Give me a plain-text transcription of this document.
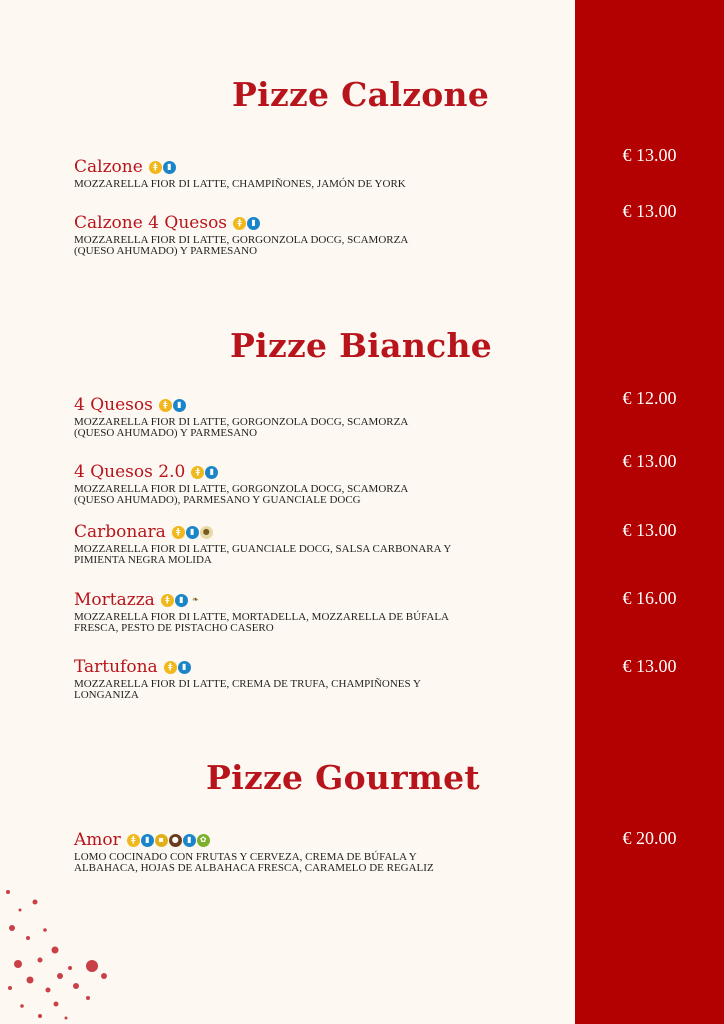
Pizze Calzone
Calzone	ǂ	▮
MOZZARELLA FIOR DI LATTE, CHAMPIÑONES, JAMÓN DE YORK
€ 13.00
Calzone 4 Quesos	ǂ	▮
MOZZARELLA FIOR DI LATTE, GORGONZOLA DOCG, SCAMORZA
(QUESO AHUMADO) Y PARMESANO
€ 13.00
Pizze Bianche
4 Quesos	ǂ	▮
MOZZARELLA FIOR DI LATTE, GORGONZOLA DOCG, SCAMORZA
(QUESO AHUMADO) Y PARMESANO
€ 12.00
4 Quesos 2.0	ǂ	▮
MOZZARELLA FIOR DI LATTE, GORGONZOLA DOCG, SCAMORZA
(QUESO AHUMADO), PARMESANO Y GUANCIALE DOCG
€ 13.00
Carbonara	ǂ	▮	●
MOZZARELLA FIOR DI LATTE, GUANCIALE DOCG, SALSA CARBONARA Y
PIMIENTA NEGRA MOLIDA
€ 13.00
Mortazza	ǂ	▮	❧
MOZZARELLA FIOR DI LATTE, MORTADELLA, MOZZARELLA DE BÚFALA
FRESCA, PESTO DE PISTACHO CASERO
€ 16.00
Tartufona	ǂ	▮
MOZZARELLA FIOR DI LATTE, CREMA DE TRUFA, CHAMPIÑONES Y
LONGANIZA
€ 13.00
Pizze Gourmet
Amor	ǂ	▮	▪ ●	▮	✿
LOMO COCINADO CON FRUTAS Y CERVEZA, CREMA DE BÚFALA Y
ALBAHACA, HOJAS DE ALBAHACA FRESCA, CARAMELO DE REGALIZ
€ 20.00
